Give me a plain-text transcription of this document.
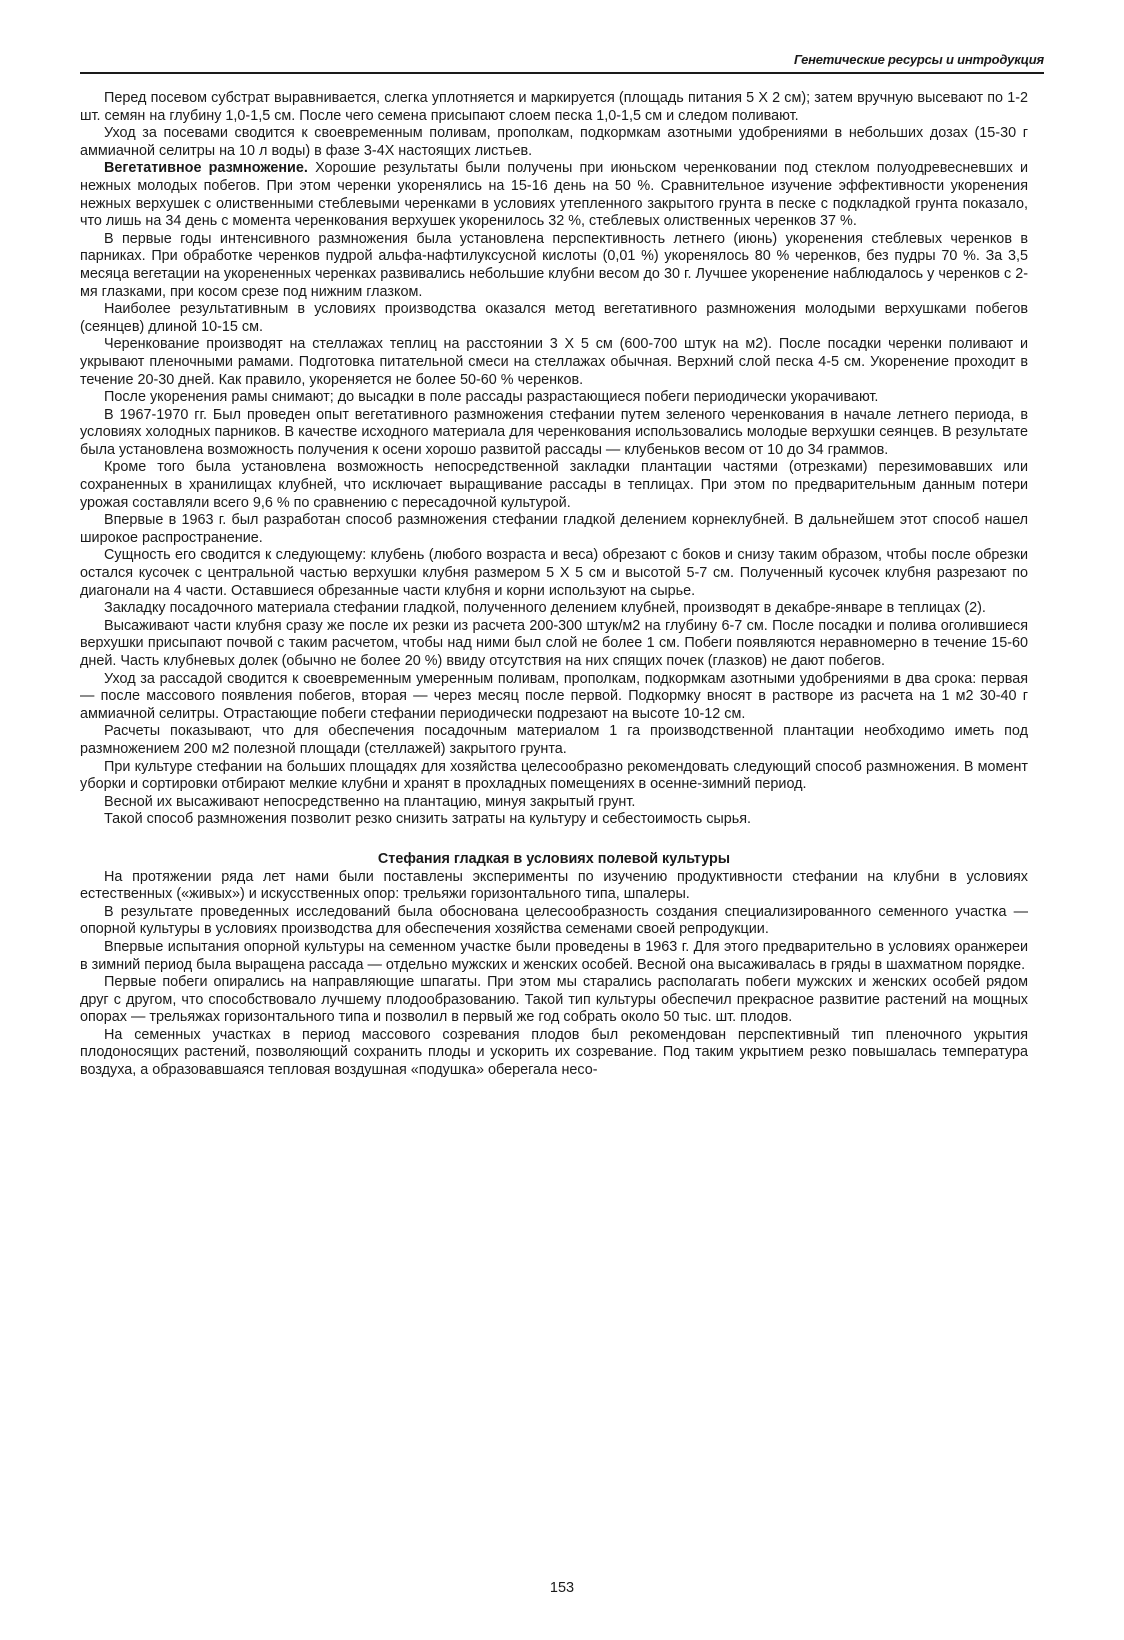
Генетические ресурсы и интродукция

Перед посевом субстрат выравнивается, слегка уплотняется и маркируется (площадь питания 5 X 2 см); затем вручную высевают по 1-2 шт. семян на глубину 1,0-1,5 см. После чего семена присыпают слоем песка 1,0-1,5 см и следом поливают.

Уход за посевами сводится к своевременным поливам, прополкам, подкормкам азотными удобрениями в небольших дозах (15-30 г аммиачной селитры на 10 л воды) в фазе 3-4Х настоящих листьев.

Вегетативное размножение. Хорошие результаты были получены при июньском черенковании под стеклом полуодревесневших и нежных молодых побегов. При этом черенки укоренялись на 15-16 день на 50 %. Сравнительное изучение эффективности укоренения нежных верхушек с олиственными стеблевыми черенками в условиях утепленного закрытого грунта в песке с подкладкой грунта показало, что лишь на 34 день с момента черенкования верхушек укоренилось 32 %, стеблевых олиственных черенков 37 %.

В первые годы интенсивного размножения была установлена перспективность летнего (июнь) укоренения стеблевых черенков в парниках. При обработке черенков пудрой альфа-нафтилуксусной кислоты (0,01 %) укоренялось 80 % черенков, без пудры 70 %. За 3,5 месяца вегетации на укорененных черенках развивались небольшие клубни весом до 30 г. Лучшее укоренение наблюдалось у черенков с 2-мя глазками, при косом срезе под нижним глазком.

Наиболее результативным в условиях производства оказался метод вегетативного размножения молодыми верхушками побегов (сеянцев) длиной 10-15 см.

Черенкование производят на стеллажах теплиц на расстоянии 3 X 5 см (600-700 штук на м2). После посадки черенки поливают и укрывают пленочными рамами. Подготовка питательной смеси на стеллажах обычная. Верхний слой песка 4-5 см. Укоренение проходит в течение 20-30 дней. Как правило, укореняется не более 50-60 % черенков.

После укоренения рамы снимают; до высадки в поле рассады разрастающиеся побеги периодически укорачивают.

В 1967-1970 гг. Был проведен опыт вегетативного размножения стефании путем зеленого черенкования в начале летнего периода, в условиях холодных парников. В качестве исходного материала для черенкования использовались молодые верхушки сеянцев. В результате была установлена возможность получения к осени хорошо развитой рассады — клубеньков весом от 10 до 34 граммов.

Кроме того была установлена возможность непосредственной закладки плантации частями (отрезками) перезимовавших или сохраненных в хранилищах клубней, что исключает выращивание рассады в теплицах. При этом по предварительным данным потери урожая составляли всего 9,6 % по сравнению с пересадочной культурой.

Впервые в 1963 г. был разработан способ размножения стефании гладкой делением корнеклубней. В дальнейшем этот способ нашел широкое распространение.

Сущность его сводится к следующему: клубень (любого возраста и веса) обрезают с боков и снизу таким образом, чтобы после обрезки остался кусочек с центральной частью верхушки клубня размером 5 X 5 см и высотой 5-7 см. Полученный кусочек клубня разрезают по диагонали на 4 части. Оставшиеся обрезанные части клубня и корни используют на сырье.

Закладку посадочного материала стефании гладкой, полученного делением клубней, производят в декабре-январе в теплицах (2).

Высаживают части клубня сразу же после их резки из расчета 200-300 штук/м2 на глубину 6-7 см. После посадки и полива оголившиеся верхушки присыпают почвой с таким расчетом, чтобы над ними был слой не более 1 см. Побеги появляются неравномерно в течение 15-60 дней. Часть клубневых долек (обычно не более 20 %) ввиду отсутствия на них спящих почек (глазков) не дают побегов.

Уход за рассадой сводится к своевременным умеренным поливам, прополкам, подкормкам азотными удобрениями в два срока: первая — после массового появления побегов, вторая — через месяц после первой. Подкормку вносят в растворе из расчета на 1 м2 30-40 г аммиачной селитры. Отрастающие побеги стефании периодически подрезают на высоте 10-12 см.

Расчеты показывают, что для обеспечения посадочным материалом 1 га производственной плантации необходимо иметь под размножением 200 м2 полезной площади (стеллажей) закрытого грунта.

При культуре стефании на больших площадях для хозяйства целесообразно рекомендовать следующий способ размножения. В момент уборки и сортировки отбирают мелкие клубни и хранят в прохладных помещениях в осенне-зимний период.

Весной их высаживают непосредственно на плантацию, минуя закрытый грунт.

Такой способ размножения позволит резко снизить затраты на культуру и себестоимость сырья.

Стефания гладкая в условиях полевой культуры

На протяжении ряда лет нами были поставлены эксперименты по изучению продуктивности стефании на клубни в условиях естественных («живых») и искусственных опор: трельяжи горизонтального типа, шпалеры.

В результате проведенных исследований была обоснована целесообразность создания специализированного семенного участка — опорной культуры в условиях производства для обеспечения хозяйства семенами своей репродукции.

Впервые испытания опорной культуры на семенном участке были проведены в 1963 г. Для этого предварительно в условиях оранжереи в зимний период была выращена рассада — отдельно мужских и женских особей. Весной она высаживалась в гряды в шахматном порядке.

Первые побеги опирались на направляющие шпагаты. При этом мы старались располагать побеги мужских и женских особей рядом друг с другом, что способствовало лучшему плодообразованию. Такой тип культуры обеспечил прекрасное развитие растений на мощных опорах — трельяжах горизонтального типа и позволил в первый же год собрать около 50 тыс. шт. плодов.

На семенных участках в период массового созревания плодов был рекомендован перспективный тип пленочного укрытия плодоносящих растений, позволяющий сохранить плоды и ускорить их созревание. Под таким укрытием резко повышалась температура воздуха, а образовавшаяся тепловая воздушная «подушка» оберегала несо-

153
